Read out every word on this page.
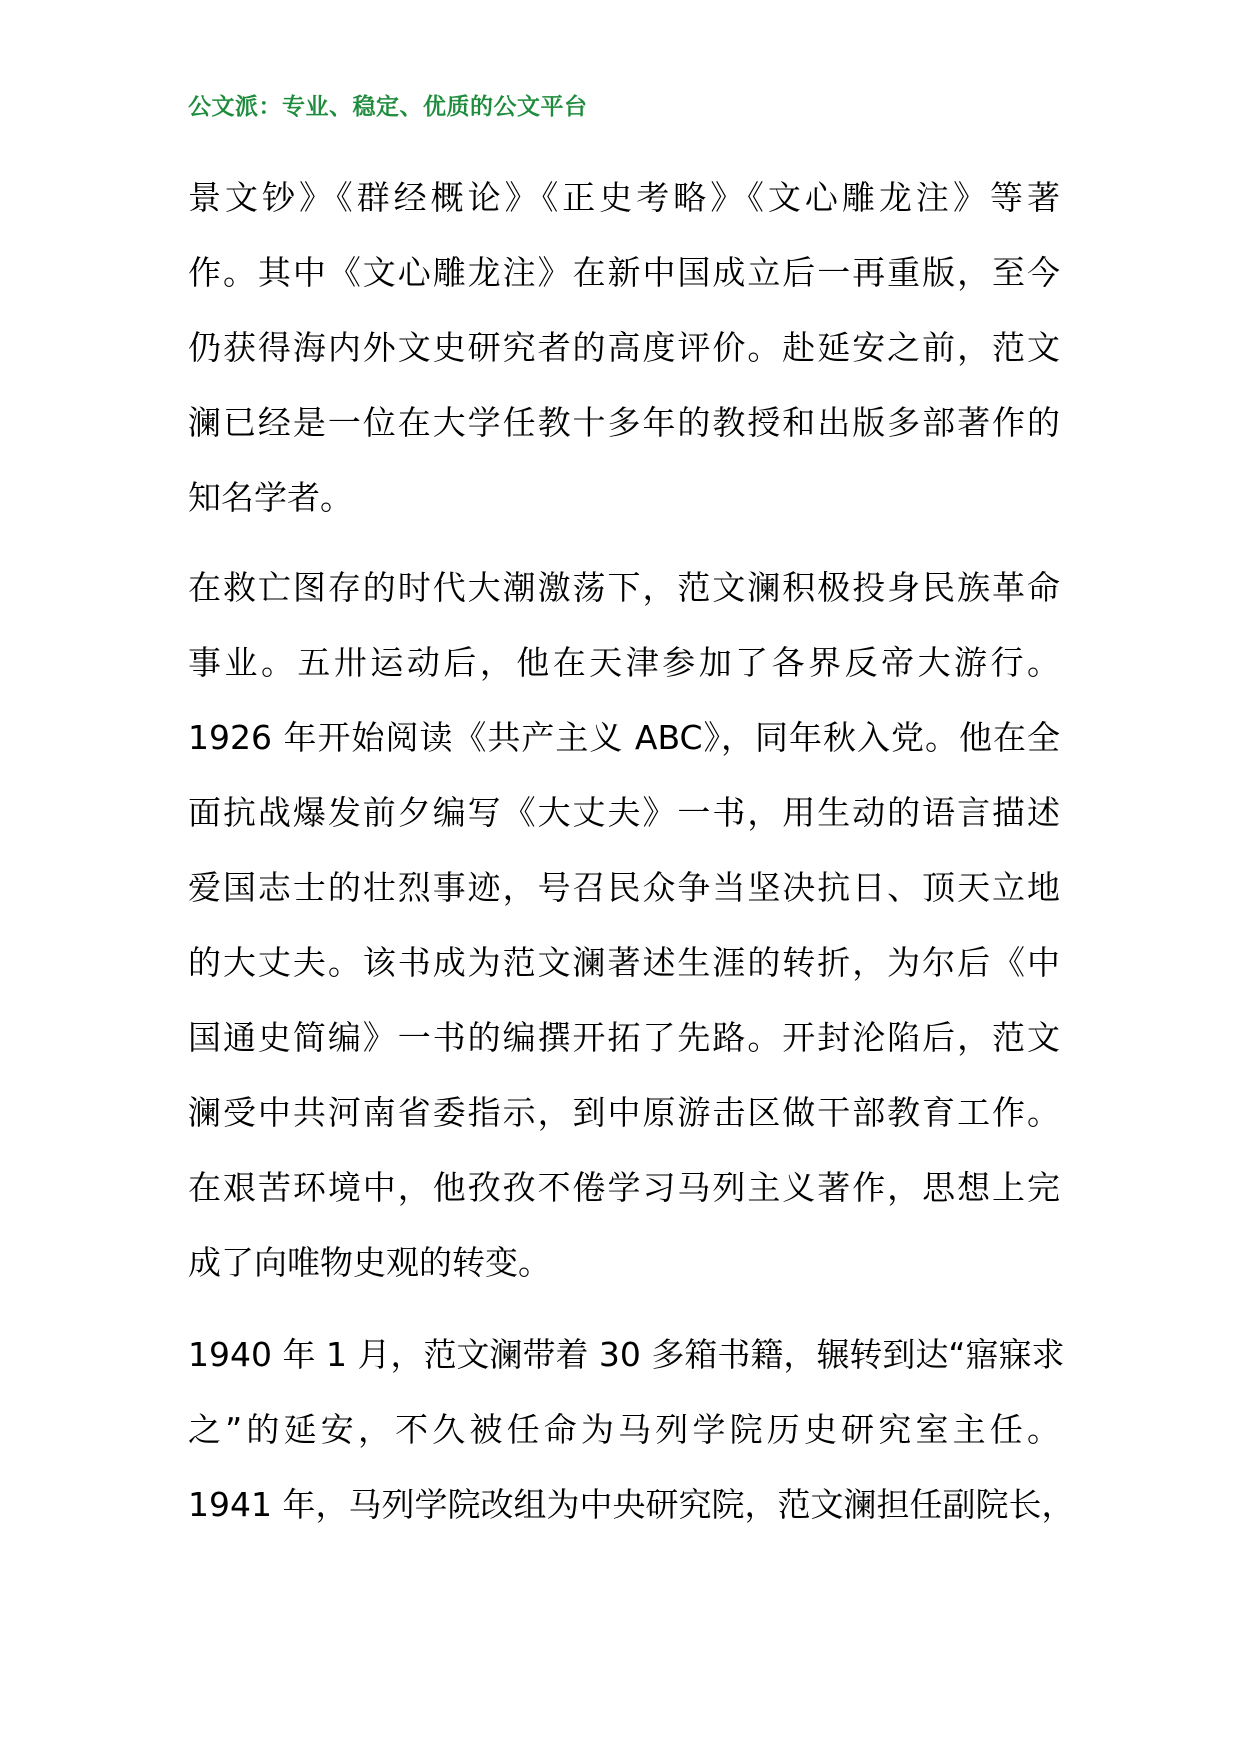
公文派：专业、稳定、优质的公文平台
景文钞》《群经概论》《正史考略》《文心雕龙注》等著
作。其中《文心雕龙注》在新中国成立后一再重版，至今
仍获得海内外文史研究者的高度评价。赴延安之前，范文
澜已经是一位在大学任教十多年的教授和出版多部著作的
知名学者。
在救亡图存的时代大潮激荡下，范文澜积极投身民族革命
事业。五卅运动后，他在天津参加了各界反帝大游行。
1926 年开始阅读《共产主义 ABC》，同年秋入党。他在全
面抗战爆发前夕编写《大丈夫》一书，用生动的语言描述
爱国志士的壮烈事迹，号召民众争当坚决抗日、顶天立地
的大丈夫。该书成为范文澜著述生涯的转折，为尔后《中
国通史简编》一书的编撰开拓了先路。开封沦陷后，范文
澜受中共河南省委指示，到中原游击区做干部教育工作。
在艰苦环境中，他孜孜不倦学习马列主义著作，思想上完
成了向唯物史观的转变。
1940 年 1 月，范文澜带着 30 多箱书籍，辗转到达“寤寐求
之”的延安，不久被任命为马列学院历史研究室主任。
1941 年，马列学院改组为中央研究院，范文澜担任副院长，
